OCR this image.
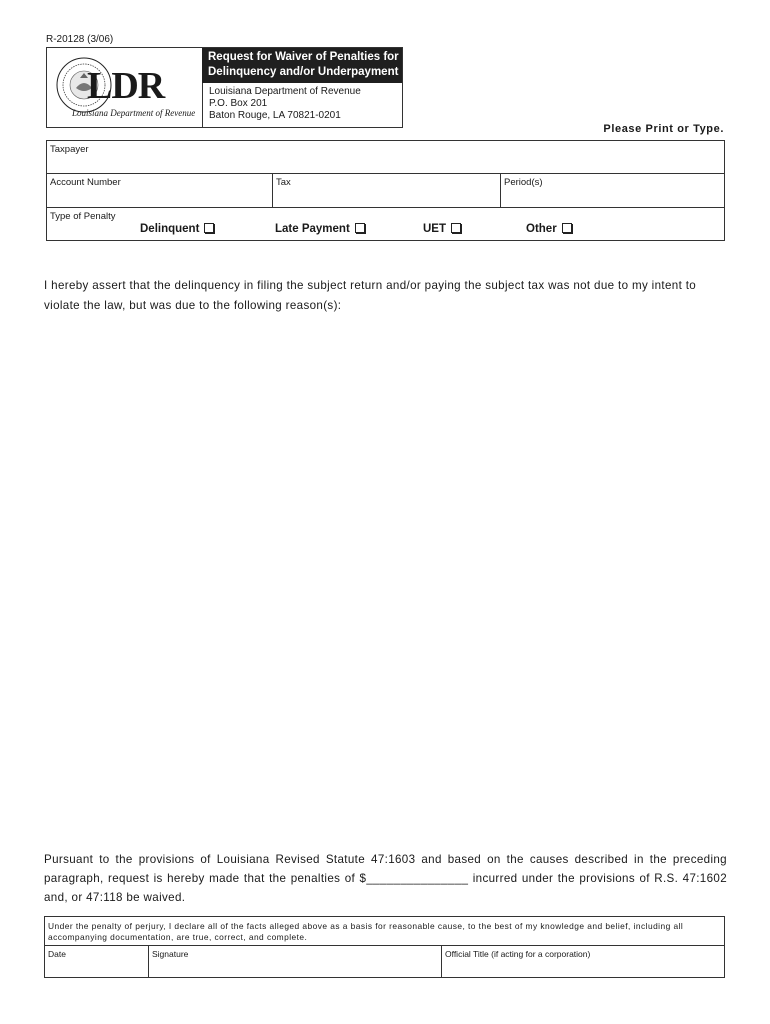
R-20128 (3/06)
LDR
Louisiana Department of Revenue
Request for Waiver of Penalties for
Delinquency and/or Underpayment
Louisiana Department of Revenue
P.O. Box 201
Baton Rouge, LA 70821-0201
Please Print or Type.
Taxpayer
Account Number	Tax	Period(s)
Type of Penalty
Delinquent	Late Payment	UET	Other
I hereby assert that the delinquency in filing the subject return and/or paying the subject tax was not due to my intent to violate the law, but was due to the following reason(s):
Pursuant to the provisions of Louisiana Revised Statute 47:1603 and based on the causes described in the preceding paragraph, request is hereby made that the penalties of $_______________ incurred under the provisions of R.S. 47:1602 and, or 47:118 be waived.
Under the penalty of perjury, I declare all of the facts alleged above as a basis for reasonable cause, to the best of my knowledge and belief, including all accompanying documentation, are true, correct, and complete.
Date	Signature	Official Title (if acting for a corporation)
